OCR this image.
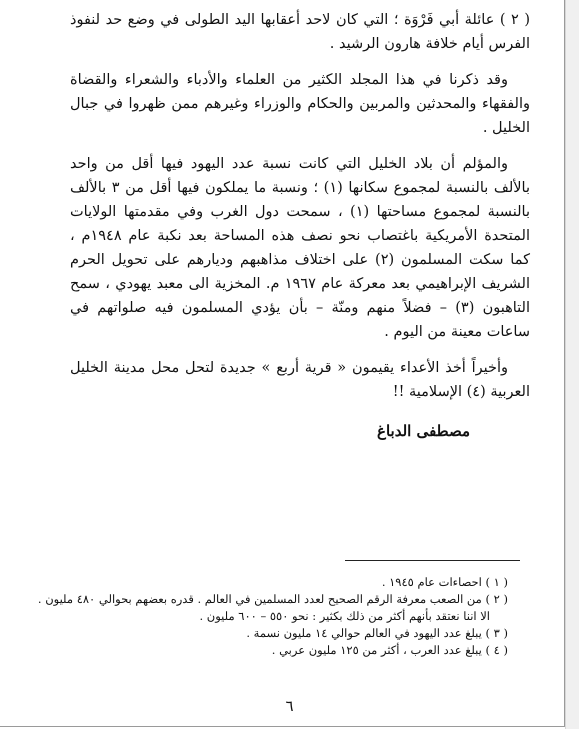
( ٢ ) عائلة أبي فَرْوَة ؛ التي كان لاحد أعقابها اليد الطولى في وضع حد لنفوذ الفرس أيام خلافة هارون الرشيد .

وقد ذكرنا في هذا المجلد الكثير من العلماء والأدباء والشعراء والقضاة والفقهاء والمحدثين والمربين والحكام والوزراء وغيرهم ممن ظهروا في جبال الخليل .

والمؤلم أن بلاد الخليل التي كانت نسبة عدد اليهود فيها أقل من واحد بالألف بالنسبة لمجموع سكانها (١) ؛ ونسبة ما يملكون فيها أقل من ٣ بالألف بالنسبة لمجموع مساحتها (١) ، سمحت دول الغرب وفي مقدمتها الولايات المتحدة الأمريكية باغتصاب نحو نصف هذه المساحة بعد نكبة عام ١٩٤٨م ، كما سكت المسلمون (٢) على اختلاف مذاهبهم وديارهم على تحويل الحرم الشريف الإبراهيمي بعد معركة عام ١٩٦٧ م. المخزية الى معبد يهودي ، سمح التاهبون (٣) – فضلاً منهم ومنّة – بأن يؤدي المسلمون فيه صلواتهم في ساعات معينة من اليوم .

وأخيراً أخذ الأعداء يقيمون « قرية أربع » جديدة لتحل محل مدينة الخليل العربية (٤) الإسلامية !!

مصطفى الدباغ
( ١ ) احصاءات عام ١٩٤٥ .
( ٢ ) من الصعب معرفة الرقم الصحيح لعدد المسلمين في العالم . قدره بعضهم بحوالي ٤٨٠ مليون .
الا اننا نعتقد بأنهم أكثر من ذلك بكثير : نحو ٥٥٠ – ٦٠٠ مليون .
( ٣ ) يبلغ عدد اليهود في العالم حوالي ١٤ مليون نسمة .
( ٤ ) يبلغ عدد العرب ، أكثر من ١٢٥ مليون عربي .
٦
